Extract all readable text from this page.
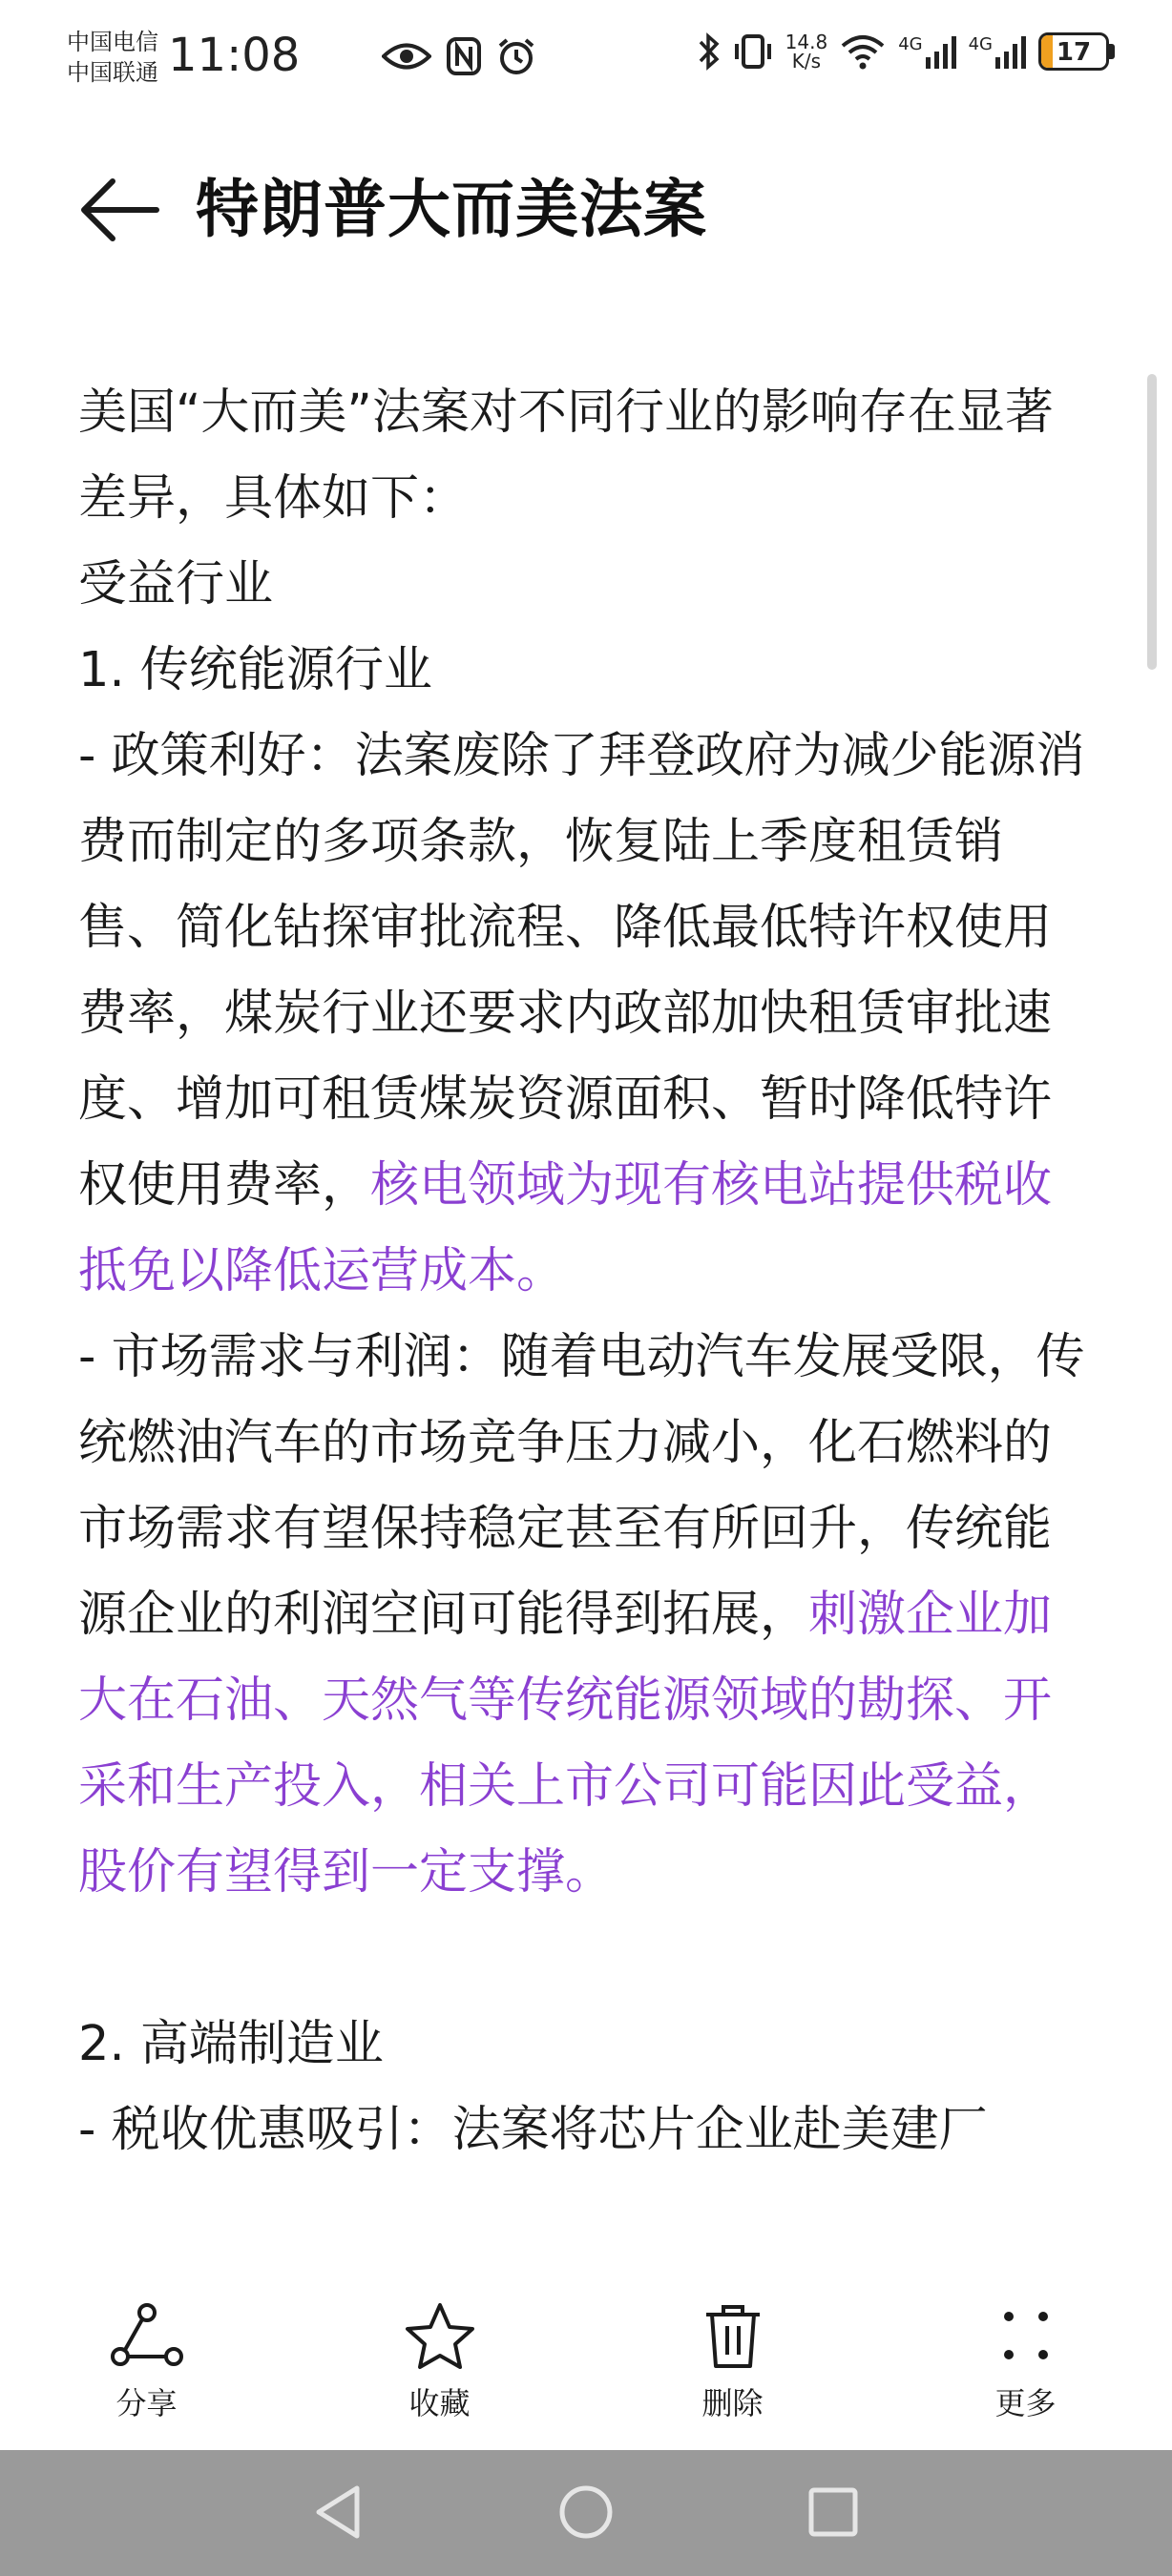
中国电信
中国联通 11:08	14.8
K/s
4G	4G	17
特朗普大而美法案

美国“大而美”法案对不同行业的影响存在显著差异，具体如下：

受益行业

1. 传统能源行业

- 政策利好：法案废除了拜登政府为减少能源消费而制定的多项条款，恢复陆上季度租赁销售、简化钻探审批流程、降低最低特许权使用费率，煤炭行业还要求内政部加快租赁审批速度、增加可租赁煤炭资源面积、暂时降低特许权使用费率，核电领域为现有核电站提供税收抵免以降低运营成本。

- 市场需求与利润：随着电动汽车发展受限，传统燃油汽车的市场竞争压力减小，化石燃料的市场需求有望保持稳定甚至有所回升，传统能源企业的利润空间可能得到拓展，刺激企业加大在石油、天然气等传统能源领域的勘探、开采和生产投入，相关上市公司可能因此受益，股价有望得到一定支撑。

2. 高端制造业

- 税收优惠吸引：法案将芯片企业赴美建厂

分享	收藏	删除	更多
